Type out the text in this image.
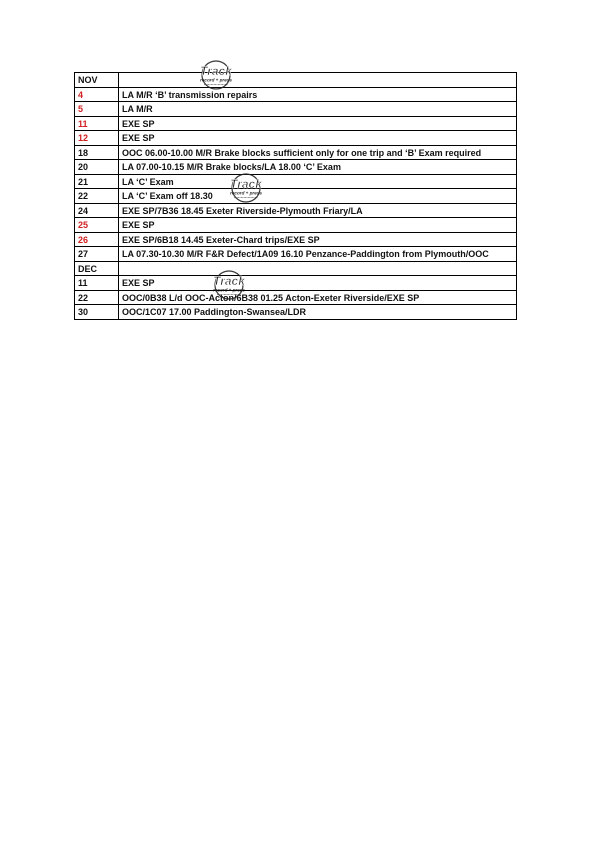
NOV	
4	LA M/R ‘B’ transmission repairs
5	LA M/R
11	EXE SP
12	EXE SP
18	OOC 06.00-10.00 M/R Brake blocks sufficient only for one trip and ‘B’ Exam required
20	LA 07.00-10.15 M/R Brake blocks/LA 18.00 ‘C’ Exam
21	LA ‘C’ Exam
22	LA ‘C’ Exam off 18.30
24	EXE SP/7B36 18.45 Exeter Riverside-Plymouth Friary/LA
25	EXE SP
26	EXE SP/6B18 14.45 Exeter-Chard trips/EXE SP
27	LA 07.30-10.30 M/R F&R Defect/1A09 16.10 Penzance-Paddington from Plymouth/OOC
DEC	
11	EXE SP
22	OOC/0B38 L/d OOC-Acton/6B38 01.25 Acton-Exeter Riverside/EXE SP
30	OOC/1C07 17.00 Paddington-Swansea/LDR
Track
record + press
Track
record + press
Track
record + press
